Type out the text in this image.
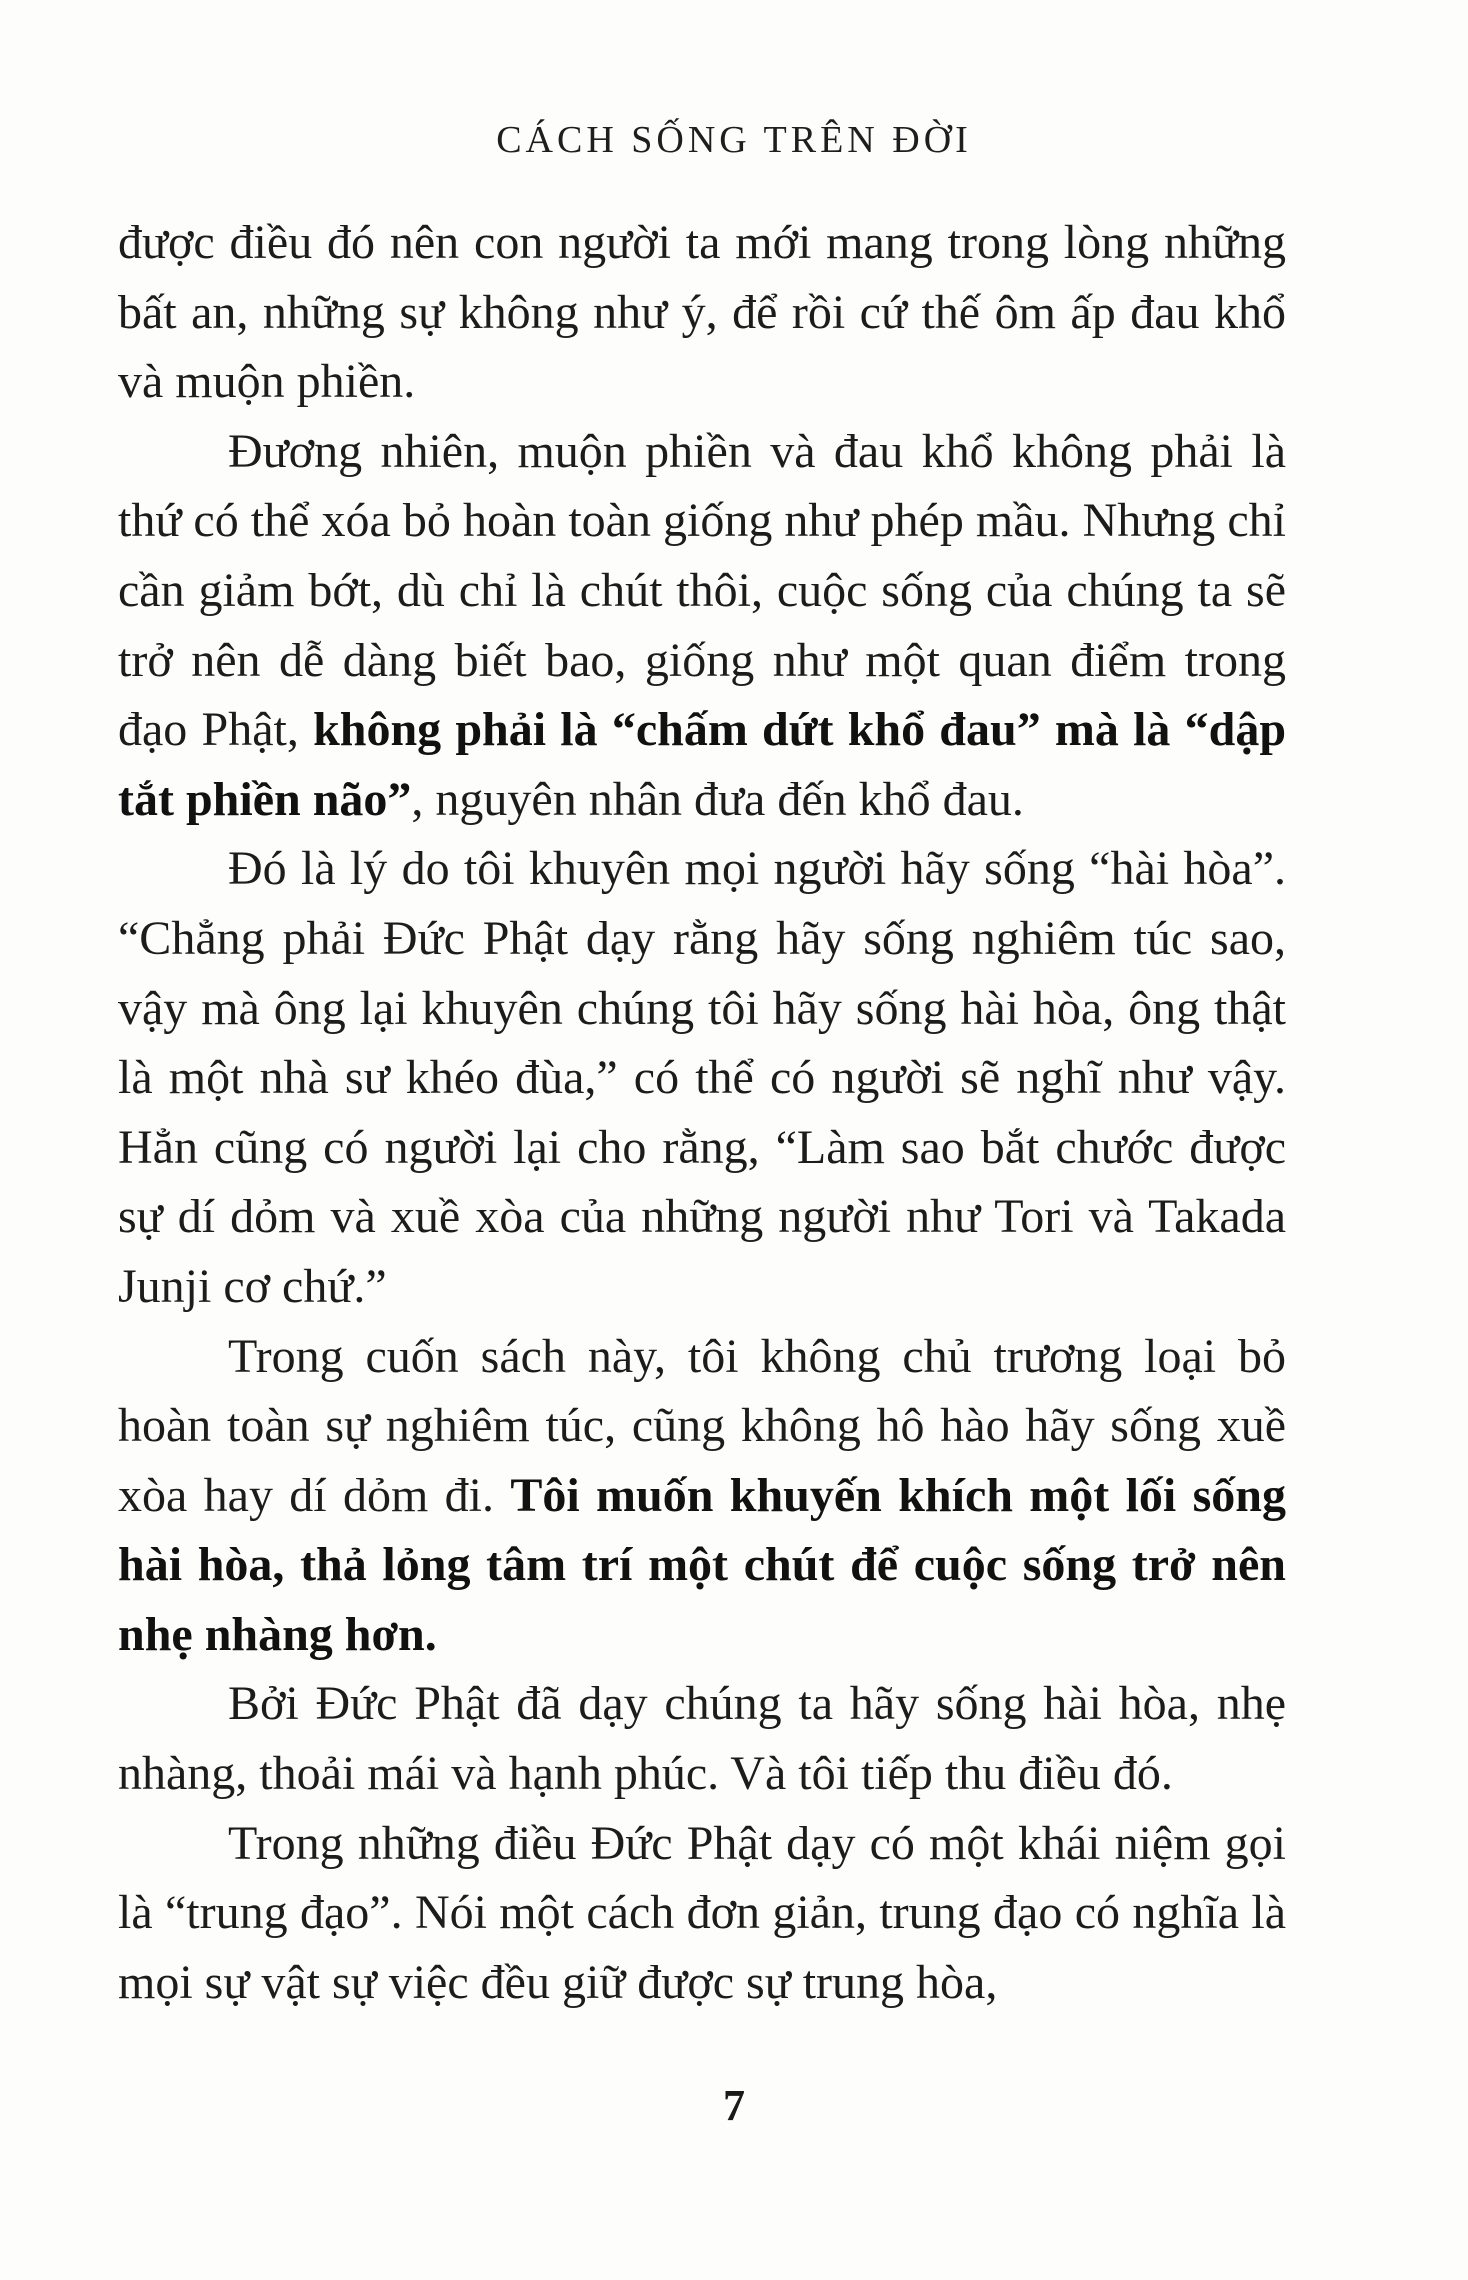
CÁCH SỐNG TRÊN ĐỜI

được điều đó nên con người ta mới mang trong lòng những bất an, những sự không như ý, để rồi cứ thế ôm ấp đau khổ và muộn phiền.

Đương nhiên, muộn phiền và đau khổ không phải là thứ có thể xóa bỏ hoàn toàn giống như phép mầu. Nhưng chỉ cần giảm bớt, dù chỉ là chút thôi, cuộc sống của chúng ta sẽ trở nên dễ dàng biết bao, giống như một quan điểm trong đạo Phật, không phải là “chấm dứt khổ đau” mà là “dập tắt phiền não”, nguyên nhân đưa đến khổ đau.

Đó là lý do tôi khuyên mọi người hãy sống “hài hòa”. “Chẳng phải Đức Phật dạy rằng hãy sống nghiêm túc sao, vậy mà ông lại khuyên chúng tôi hãy sống hài hòa, ông thật là một nhà sư khéo đùa,” có thể có người sẽ nghĩ như vậy. Hẳn cũng có người lại cho rằng, “Làm sao bắt chước được sự dí dỏm và xuề xòa của những người như Tori và Takada Junji cơ chứ.”

Trong cuốn sách này, tôi không chủ trương loại bỏ hoàn toàn sự nghiêm túc, cũng không hô hào hãy sống xuề xòa hay dí dỏm đi. Tôi muốn khuyến khích một lối sống hài hòa, thả lỏng tâm trí một chút để cuộc sống trở nên nhẹ nhàng hơn.

Bởi Đức Phật đã dạy chúng ta hãy sống hài hòa, nhẹ nhàng, thoải mái và hạnh phúc. Và tôi tiếp thu điều đó.

Trong những điều Đức Phật dạy có một khái niệm gọi là “trung đạo”. Nói một cách đơn giản, trung đạo có nghĩa là mọi sự vật sự việc đều giữ được sự trung hòa,

7
